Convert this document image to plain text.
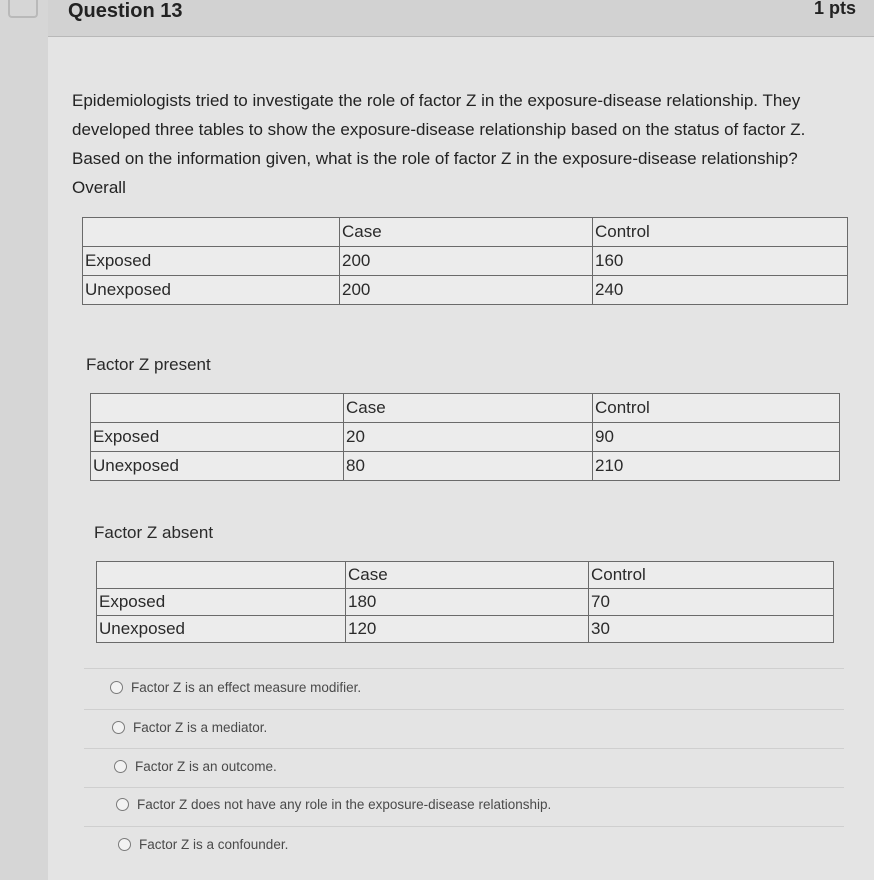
Question 13	1 pts

Epidemiologists tried to investigate the role of factor Z in the exposure-disease relationship. They

developed three tables to show the exposure-disease relationship based on the status of factor Z.

Based on the information given, what is the role of factor Z in the exposure-disease relationship?

Overall

	Case	Control
Exposed	200	160
Unexposed	200	240
Factor Z present
	Case	Control
Exposed	20	90
Unexposed	80	210
Factor Z absent
	Case	Control
Exposed	180	70
Unexposed	120	30
Factor Z is an effect measure modifier.
Factor Z is a mediator.
Factor Z is an outcome.
Factor Z does not have any role in the exposure-disease relationship.
Factor Z is a confounder.
